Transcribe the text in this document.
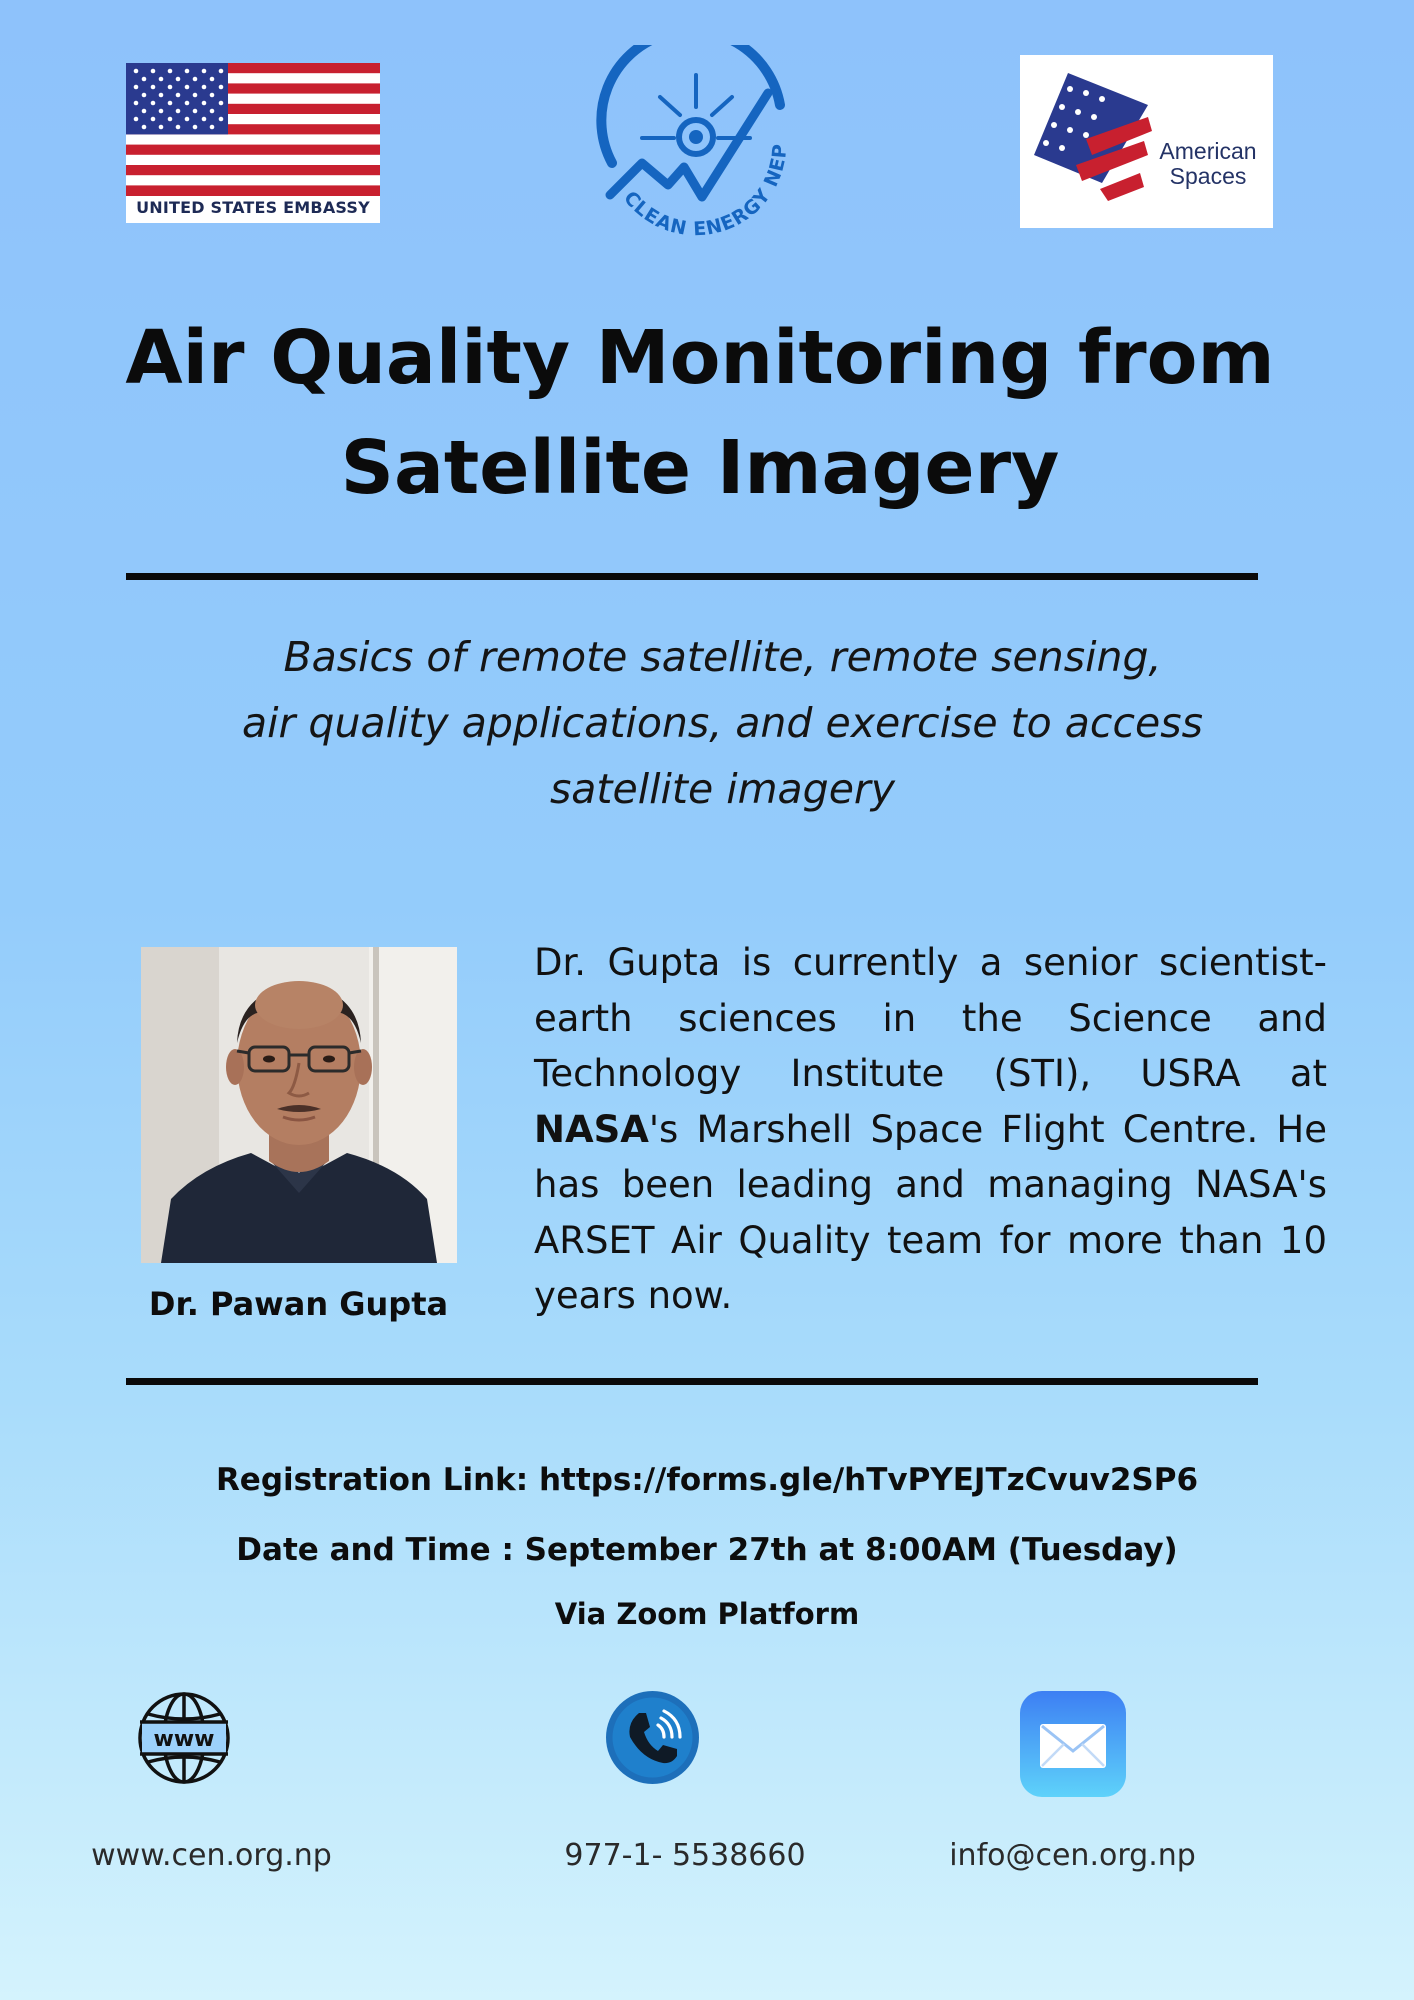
UNITED STATES EMBASSY	CLEAN ENERGY NEP	American
Spaces
Air Quality Monitoring from
Satellite Imagery
Basics of remote satellite, remote sensing,
air quality applications, and exercise to access
satellite imagery
Dr. Pawan Gupta
Dr. Gupta is currently a senior scientist-earth sciences in the Science and Technology Institute (STI), USRA at NASA's Marshell Space Flight Centre. He has been leading and managing NASA's ARSET Air Quality team for more than 10 years now.
Registration Link: https://forms.gle/hTvPYEJTzCvuv2SP6
Date and Time : September 27th at 8:00AM (Tuesday)
Via Zoom Platform
www
www.cen.org.np	977-1- 5538660	info@cen.org.np
